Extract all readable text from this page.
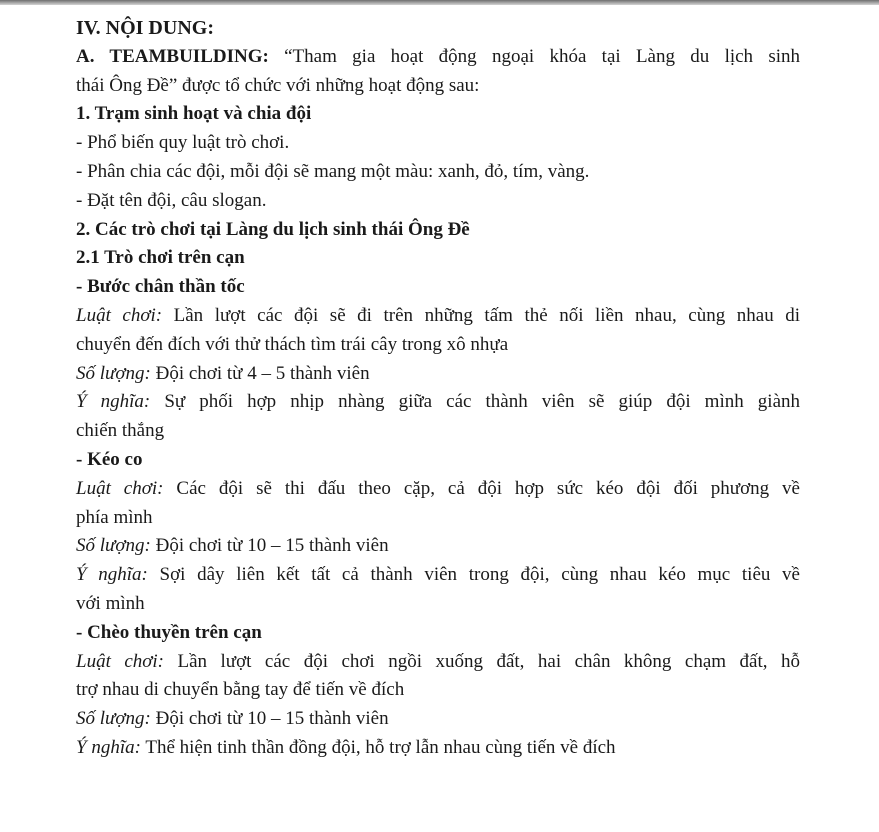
IV. NỘI DUNG:
A. TEAMBUILDING: “Tham gia hoạt động ngoại khóa tại Làng du lịch sinh
thái Ông Đề” được tổ chức với những hoạt động sau:
1. Trạm sinh hoạt và chia đội
- Phổ biến quy luật trò chơi.
- Phân chia các đội, mỗi đội sẽ mang một màu: xanh, đỏ, tím, vàng.
- Đặt tên đội, câu slogan.
2. Các trò chơi tại Làng du lịch sinh thái Ông Đề
2.1 Trò chơi trên cạn
- Bước chân thần tốc
Luật chơi: Lần lượt các đội sẽ đi trên những tấm thẻ nối liền nhau, cùng nhau di
chuyển đến đích với thử thách tìm trái cây trong xô nhựa
Số lượng: Đội chơi từ 4 – 5 thành viên
Ý nghĩa: Sự phối hợp nhịp nhàng giữa các thành viên sẽ giúp đội mình giành
chiến thắng
- Kéo co
Luật chơi: Các đội sẽ thi đấu theo cặp, cả đội hợp sức kéo đội đối phương về
phía mình
Số lượng: Đội chơi từ 10 – 15 thành viên
Ý nghĩa: Sợi dây liên kết tất cả thành viên trong đội, cùng nhau kéo mục tiêu về
với mình
- Chèo thuyền trên cạn
Luật chơi: Lần lượt các đội chơi ngồi xuống đất, hai chân không chạm đất, hỗ
trợ nhau di chuyển bằng tay để tiến về đích
Số lượng: Đội chơi từ 10 – 15 thành viên
Ý nghĩa: Thể hiện tinh thần đồng đội, hỗ trợ lẫn nhau cùng tiến về đích
